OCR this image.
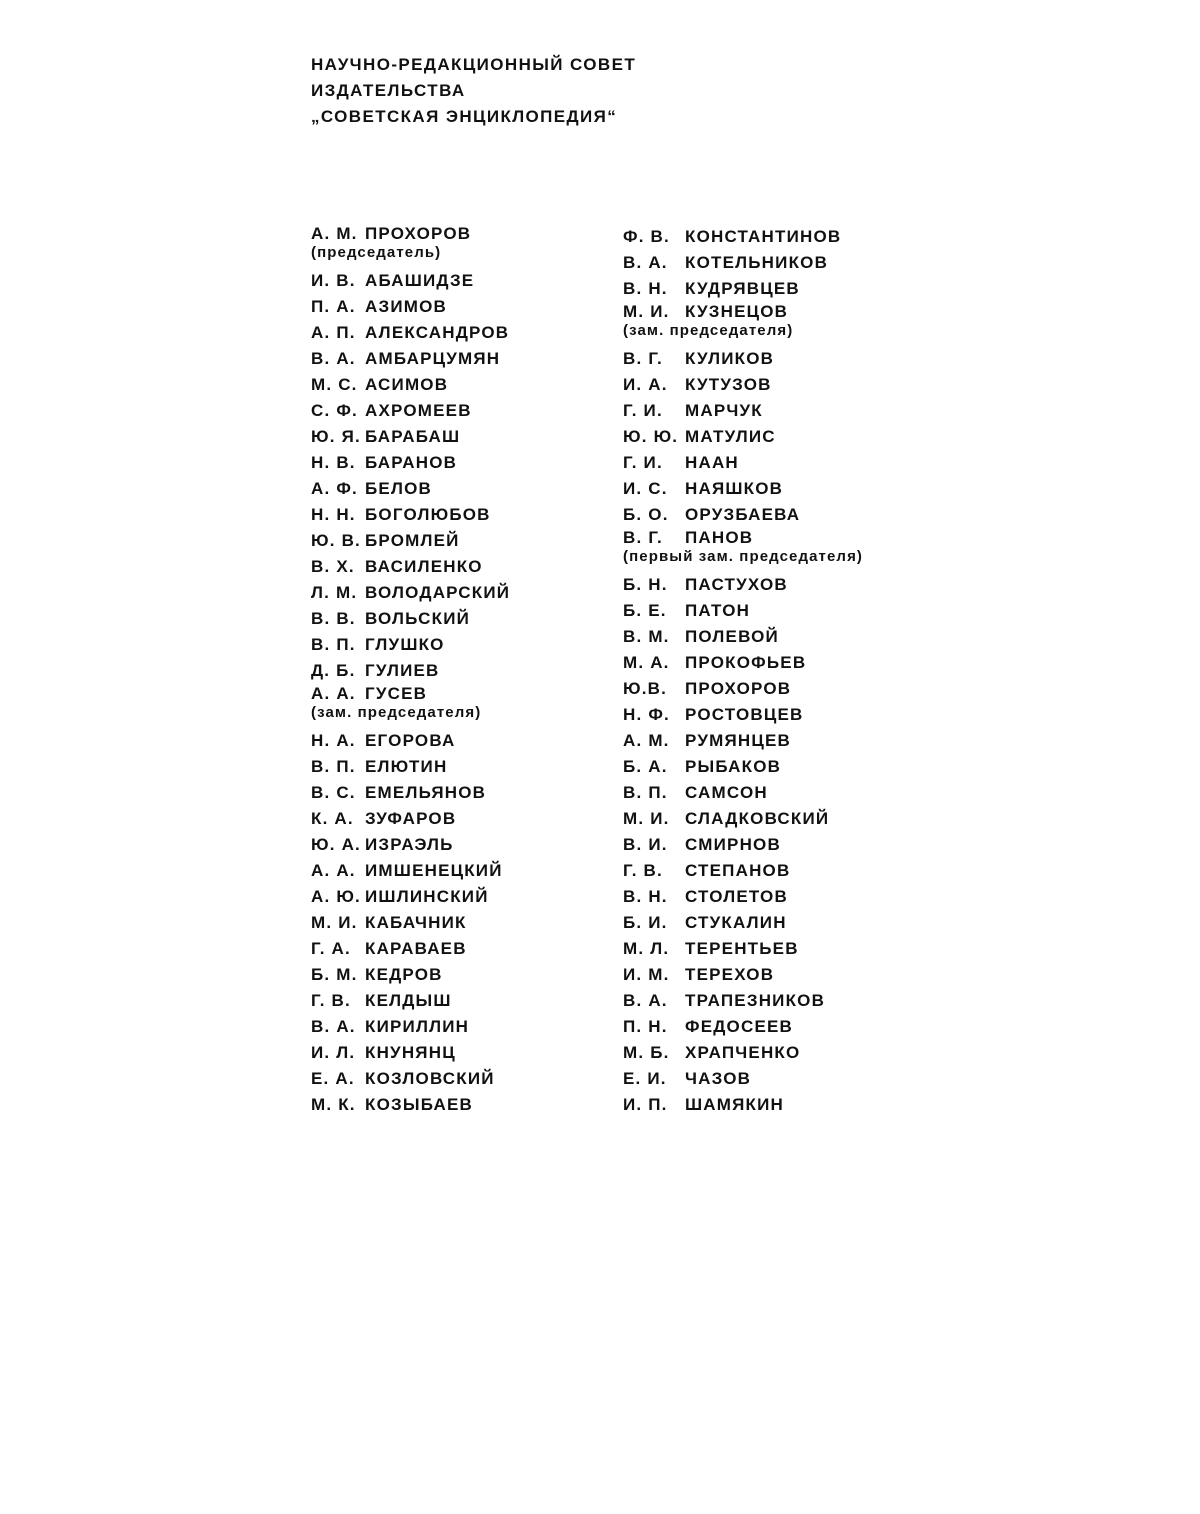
НАУЧНО-РЕДАКЦИОННЫЙ СОВЕТ
ИЗДАТЕЛЬСТВА
„СОВЕТСКАЯ ЭНЦИКЛОПЕДИЯ“
А. М. ПРОХОРОВ
(председатель)
И. В. АБАШИДЗЕ
П. А. АЗИМОВ
А. П. АЛЕКСАНДРОВ
В. А. АМБАРЦУМЯН
М. С. АСИМОВ
С. Ф. АХРОМЕЕВ
Ю. Я. БАРАБАШ
Н. В. БАРАНОВ
А. Ф. БЕЛОВ
Н. Н. БОГОЛЮБОВ
Ю. В. БРОМЛЕЙ
В. Х. ВАСИЛЕНКО
Л. М. ВОЛОДАРСКИЙ
В. В. ВОЛЬСКИЙ
В. П. ГЛУШКО
Д. Б. ГУЛИЕВ
А. А. ГУСЕВ
(зам. председателя)
Н. А. ЕГОРОВА
В. П. ЕЛЮТИН
В. С. ЕМЕЛЬЯНОВ
К. А. ЗУФАРОВ
Ю. А. ИЗРАЭЛЬ
А. А. ИМШЕНЕЦКИЙ
А. Ю. ИШЛИНСКИЙ
М. И. КАБАЧНИК
Г. А. КАРАВАЕВ
Б. М. КЕДРОВ
Г. В. КЕЛДЫШ
В. А. КИРИЛЛИН
И. Л. КНУНЯНЦ
Е. А. КОЗЛОВСКИЙ
М. К. КОЗЫБАЕВ
Ф. В. КОНСТАНТИНОВ
В. А. КОТЕЛЬНИКОВ
В. Н. КУДРЯВЦЕВ
М. И. КУЗНЕЦОВ
(зам. председателя)
В. Г. КУЛИКОВ
И. А. КУТУЗОВ
Г. И. МАРЧУК
Ю. Ю. МАТУЛИС
Г. И. НААН
И. С. НАЯШКОВ
Б. О. ОРУЗБАЕВА
В. Г. ПАНОВ
(первый зам. председателя)
Б. Н. ПАСТУХОВ
Б. Е. ПАТОН
В. М. ПОЛЕВОЙ
М. А. ПРОКОФЬЕВ
Ю.В. ПРОХОРОВ
Н. Ф. РОСТОВЦЕВ
А. М. РУМЯНЦЕВ
Б. А. РЫБАКОВ
В. П. САМСОН
М. И. СЛАДКОВСКИЙ
В. И. СМИРНОВ
Г. В. СТЕПАНОВ
В. Н. СТОЛЕТОВ
Б. И. СТУКАЛИН
М. Л. ТЕРЕНТЬЕВ
И. М. ТЕРЕХОВ
В. А. ТРАПЕЗНИКОВ
П. Н. ФЕДОСЕЕВ
М. Б. ХРАПЧЕНКО
Е. И. ЧАЗОВ
И. П. ШАМЯКИН
